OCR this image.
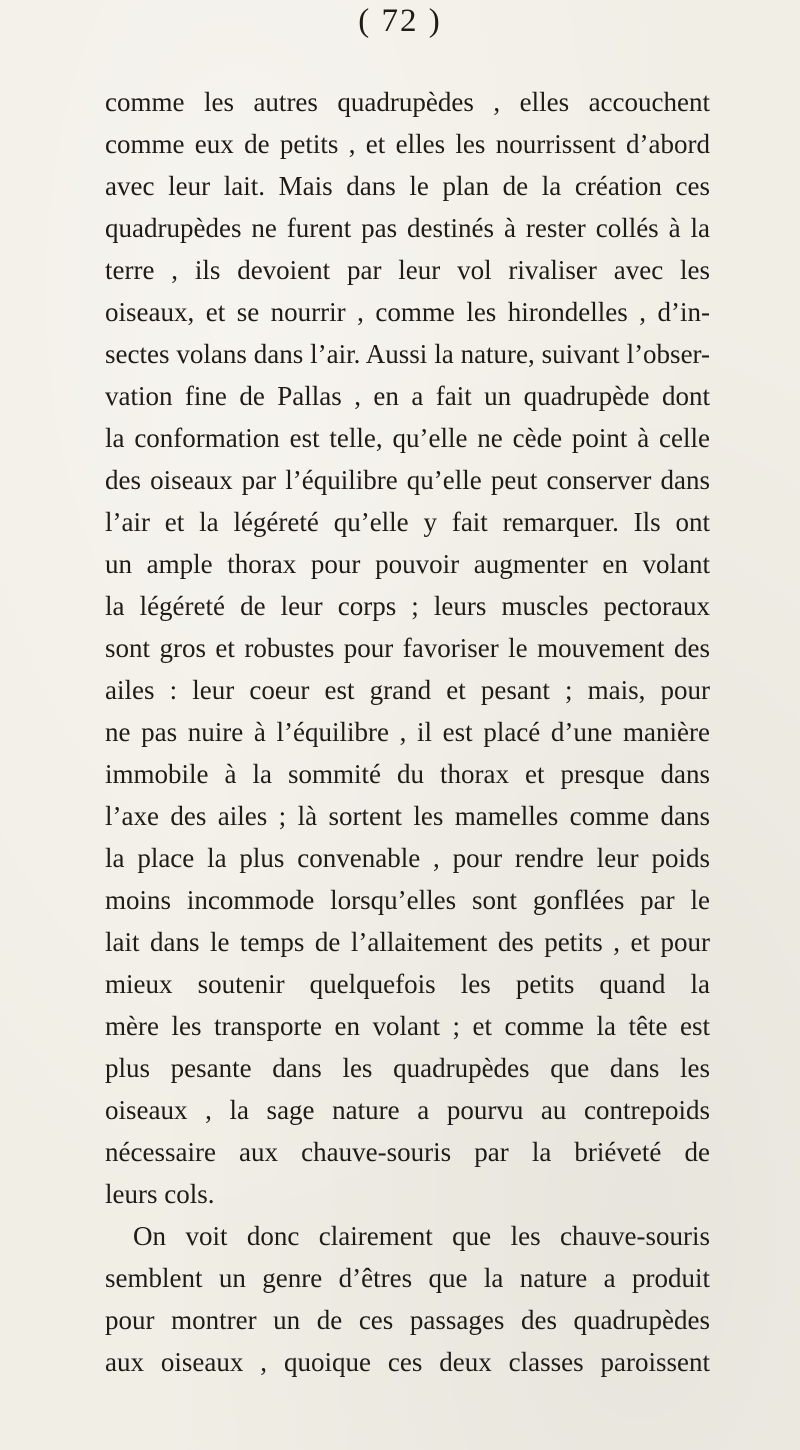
( 72 )
comme les autres quadrupèdes , elles accouchent
comme eux de petits , et elles les nourrissent d’abord
avec leur lait. Mais dans le plan de la création ces
quadrupèdes ne furent pas destinés à rester collés à la
terre , ils devoient par leur vol rivaliser avec les
oiseaux, et se nourrir , comme les hirondelles , d’in-
sectes volans dans l’air. Aussi la nature, suivant l’obser-
vation fine de Pallas , en a fait un quadrupède dont
la conformation est telle, qu’elle ne cède point à celle
des oiseaux par l’équilibre qu’elle peut conserver dans
l’air et la légéreté qu’elle y fait remarquer. Ils ont
un ample thorax pour pouvoir augmenter en volant
la légéreté de leur corps ; leurs muscles pectoraux
sont gros et robustes pour favoriser le mouvement des
ailes : leur coeur est grand et pesant ; mais, pour
ne pas nuire à l’équilibre , il est placé d’une manière
immobile à la sommité du thorax et presque dans
l’axe des ailes ; là sortent les mamelles comme dans
la place la plus convenable , pour rendre leur poids
moins incommode lorsqu’elles sont gonflées par le
lait dans le temps de l’allaitement des petits , et pour
mieux soutenir quelquefois les petits quand la
mère les transporte en volant ; et comme la tête est
plus pesante dans les quadrupèdes que dans les
oiseaux , la sage nature a pourvu au contrepoids
nécessaire aux chauve-souris par la briéveté de
leurs cols.
On voit donc clairement que les chauve-souris
semblent un genre d’êtres que la nature a produit
pour montrer un de ces passages des quadrupèdes
aux oiseaux , quoique ces deux classes paroissent
